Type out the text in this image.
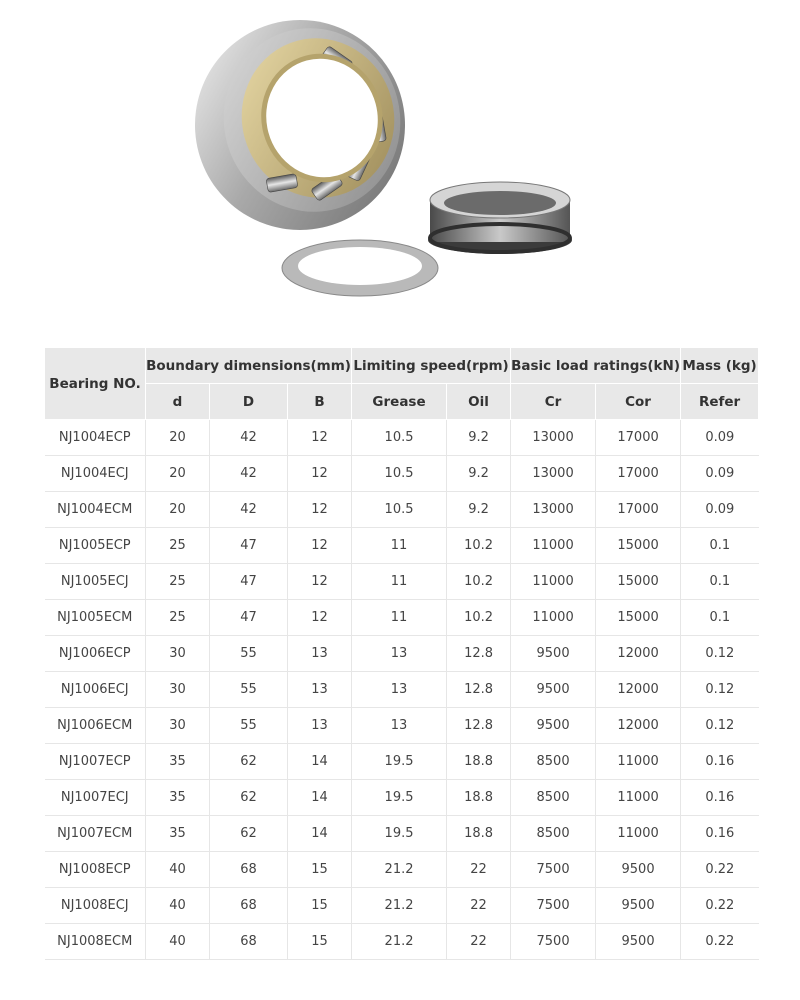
Bearing NO.	Boundary dimensions(mm)			Limiting speed(rpm)		Basic load ratings(kN)		Mass (kg)
	d	D	B	Grease	Oil	Cr	Cor	Refer
NJ1004ECP	20	42	12	10.5	9.2	13000	17000	0.09
NJ1004ECJ	20	42	12	10.5	9.2	13000	17000	0.09
NJ1004ECM	20	42	12	10.5	9.2	13000	17000	0.09
NJ1005ECP	25	47	12	11	10.2	11000	15000	0.1
NJ1005ECJ	25	47	12	11	10.2	11000	15000	0.1
NJ1005ECM	25	47	12	11	10.2	11000	15000	0.1
NJ1006ECP	30	55	13	13	12.8	9500	12000	0.12
NJ1006ECJ	30	55	13	13	12.8	9500	12000	0.12
NJ1006ECM	30	55	13	13	12.8	9500	12000	0.12
NJ1007ECP	35	62	14	19.5	18.8	8500	11000	0.16
NJ1007ECJ	35	62	14	19.5	18.8	8500	11000	0.16
NJ1007ECM	35	62	14	19.5	18.8	8500	11000	0.16
NJ1008ECP	40	68	15	21.2	22	7500	9500	0.22
NJ1008ECJ	40	68	15	21.2	22	7500	9500	0.22
NJ1008ECM	40	68	15	21.2	22	7500	9500	0.22
